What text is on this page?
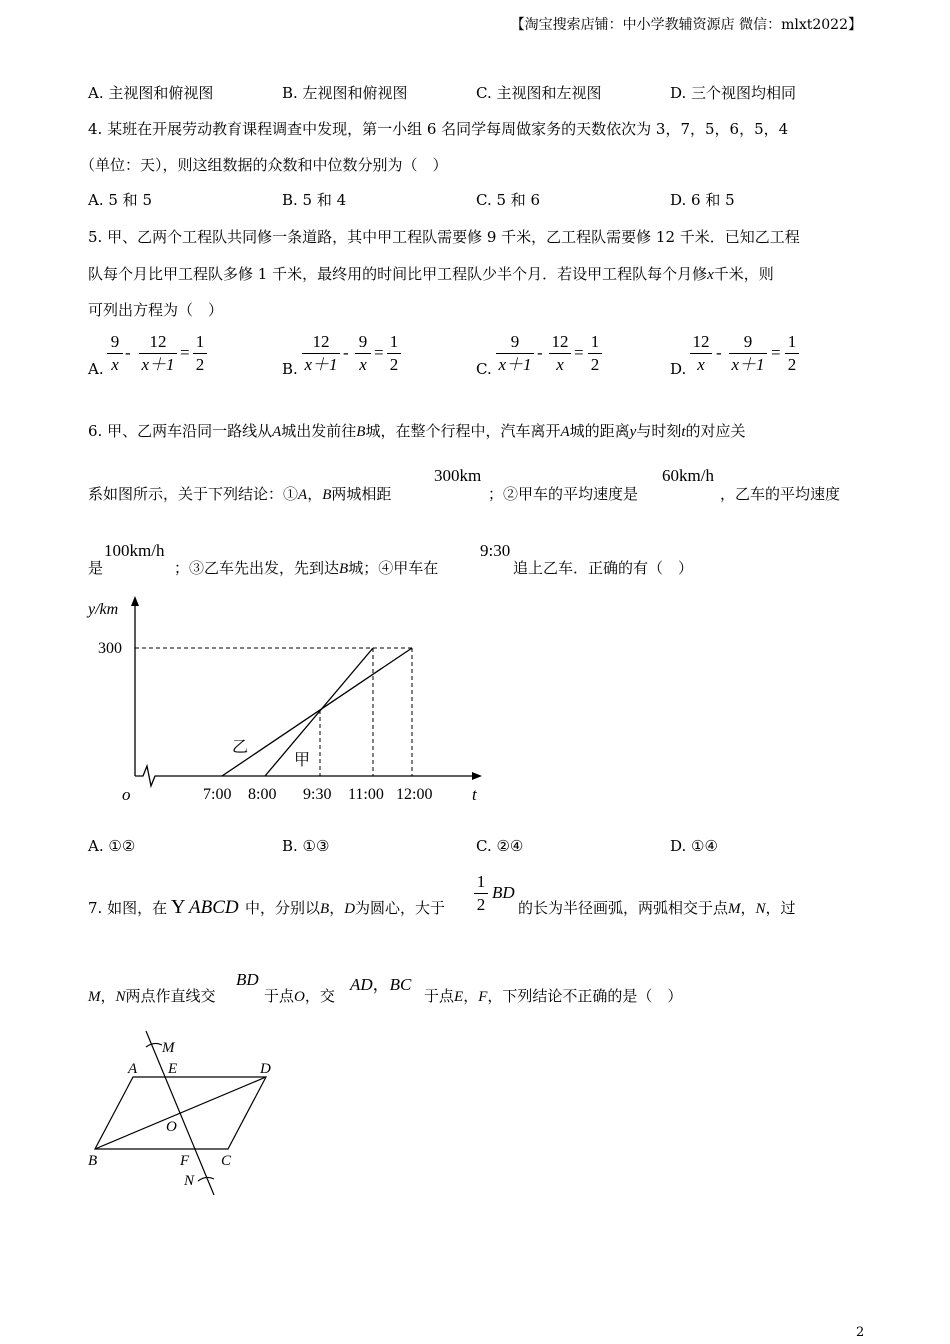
【淘宝搜索店铺：中小学教辅资源店 微信：mlxt2022】
A. 主视图和俯视图	B. 左视图和俯视图	C. 主视图和左视图	D. 三个视图均相同
4. 某班在开展劳动教育课程调查中发现，第一小组 6 名同学每周做家务的天数依次为 3，7，5，6，5，4
（单位：天），则这组数据的众数和中位数分别为（　）
A. 5 和 5	B. 5 和 4	C. 5 和 6	D. 6 和 5
5. 甲、乙两个工程队共同修一条道路，其中甲工程队需要修 9 千米，乙工程队需要修 12 千米．已知乙工程
队每个月比甲工程队多修 1 千米，最终用的时间比甲工程队少半个月．若设甲工程队每个月修x千米，则
可列出方程为（　）
A.
9
x
-
12
x＋1
=
1
2	B.
12
x＋1
-
9
x
=
1
2	C.
9
x＋1
-
12
x
=
1
2	D.
12
x
-
9
x＋1
=
1
2
6. 甲、乙两车沿同一路线从A城出发前往B城，在整个行程中，汽车离开A城的距离y与时刻t的对应关
系如图所示，关于下列结论：①A，B两城相距
300km
；②甲车的平均速度是
60km/h
，乙车的平均速度
是
100km/h
；③乙车先出发，先到达B城；④甲车在
9:30
追上乙车．正确的有（　）
y/km
300
o	t
7:00 8:00 9:30 11:00 12:00
乙
甲
A. ①②	B. ①③	C. ②④	D. ①④
7. 如图，在 Y ABCD 中，分别以B，D为圆心，大于
1
2
BD
的长为半径画弧，两弧相交于点M，N，过
M，N两点作直线交
BD
于点O，交
AD，BC
于点E，F，下列结论不正确的是（　）
M
A E	D
O
B	F C
N
2
